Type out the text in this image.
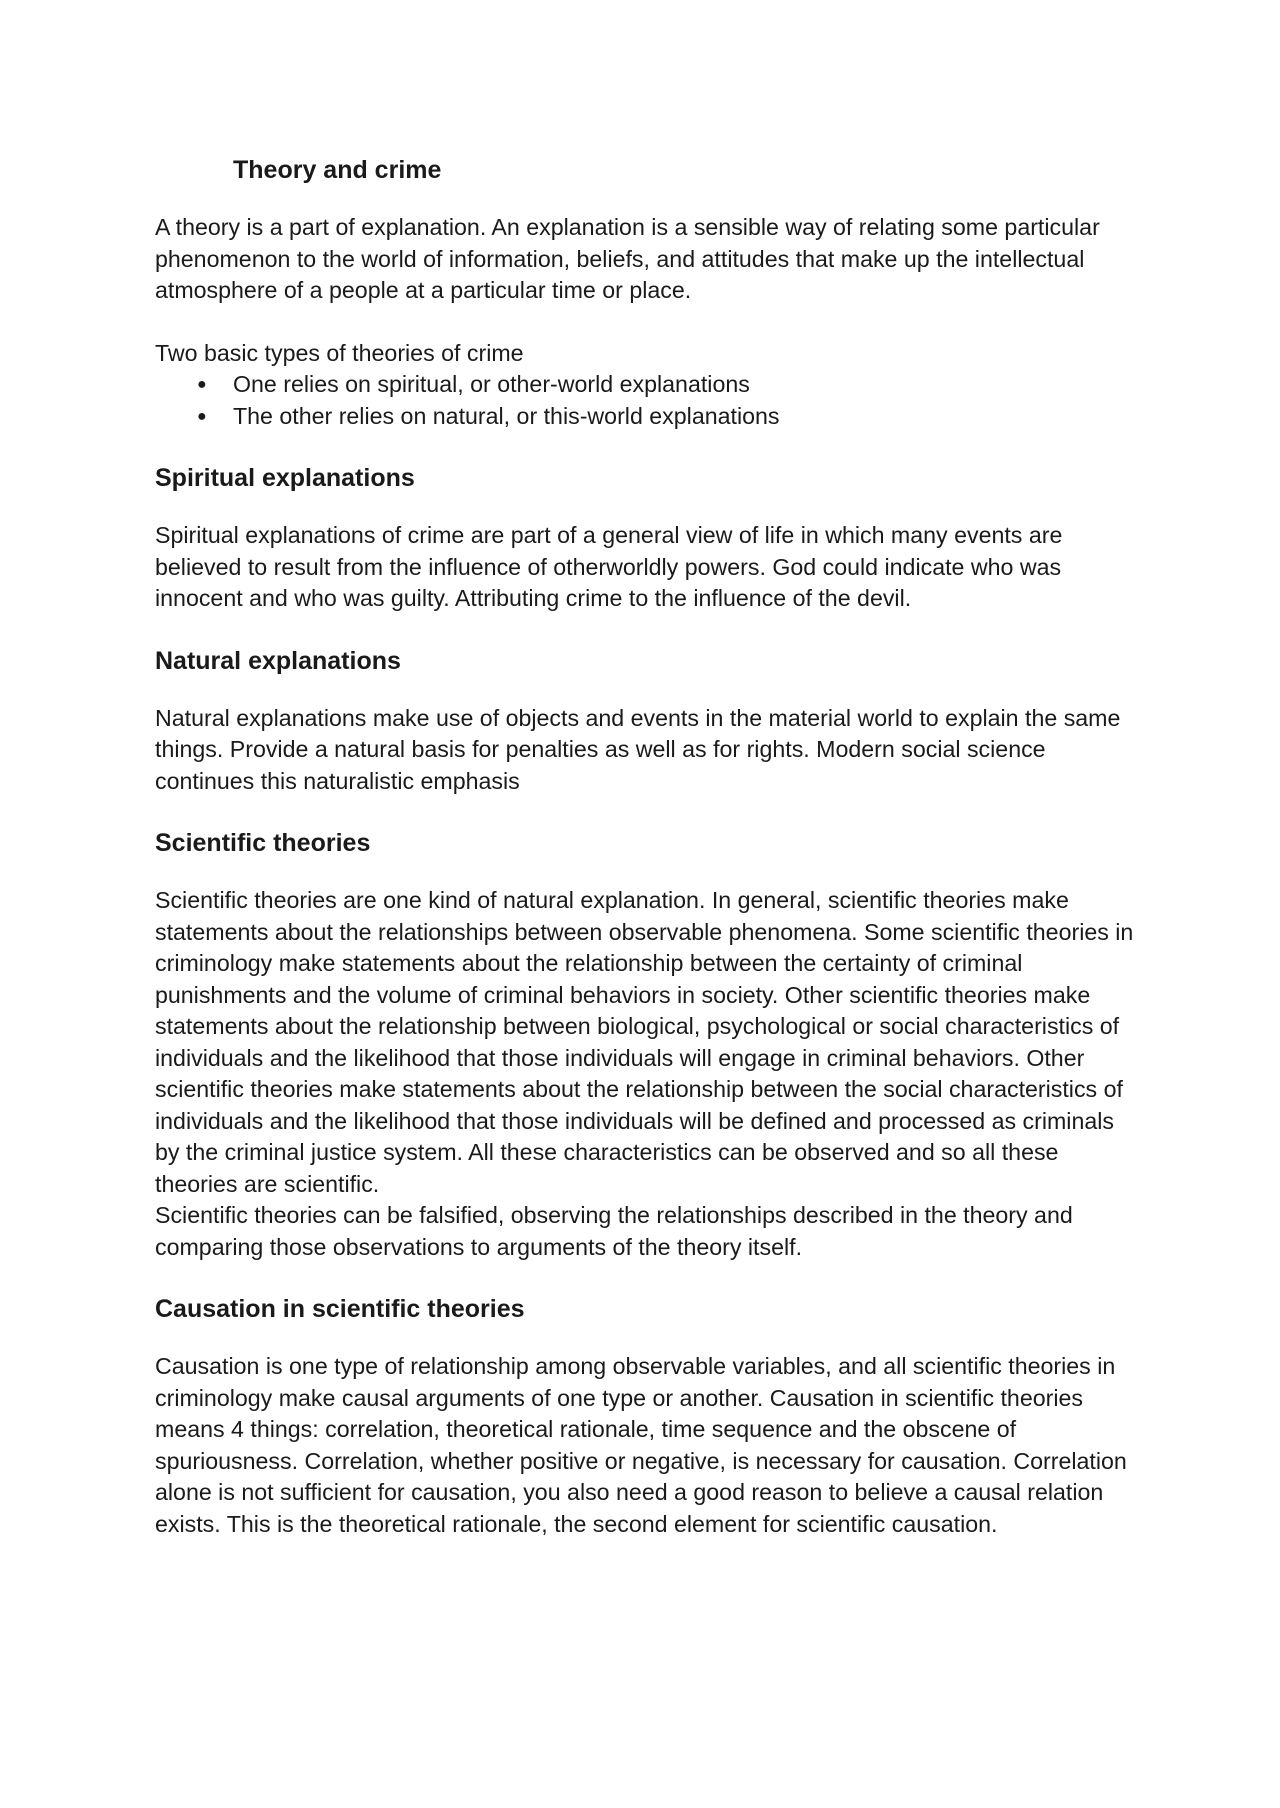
Theory and crime

A theory is a part of explanation. An explanation is a sensible way of relating some particular phenomenon to the world of information, beliefs, and attitudes that make up the intellectual atmosphere of a people at a particular time or place.

Two basic types of theories of crime

● One relies on spiritual, or other-world explanations
● The other relies on natural, or this-world explanations
Spiritual explanations

Spiritual explanations of crime are part of a general view of life in which many events are believed to result from the influence of otherworldly powers. God could indicate who was innocent and who was guilty. Attributing crime to the influence of the devil.

Natural explanations

Natural explanations make use of objects and events in the material world to explain the same things. Provide a natural basis for penalties as well as for rights. Modern social science continues this naturalistic emphasis

Scientific theories

Scientific theories are one kind of natural explanation. In general, scientific theories make statements about the relationships between observable phenomena. Some scientific theories in criminology make statements about the relationship between the certainty of criminal punishments and the volume of criminal behaviors in society. Other scientific theories make statements about the relationship between biological, psychological or social characteristics of individuals and the likelihood that those individuals will engage in criminal behaviors. Other scientific theories make statements about the relationship between the social characteristics of individuals and the likelihood that those individuals will be defined and processed as criminals by the criminal justice system. All these characteristics can be observed and so all these theories are scientific.

Scientific theories can be falsified, observing the relationships described in the theory and comparing those observations to arguments of the theory itself.

Causation in scientific theories

Causation is one type of relationship among observable variables, and all scientific theories in criminology make causal arguments of one type or another. Causation in scientific theories means 4 things: correlation, theoretical rationale, time sequence and the obscene of spuriousness. Correlation, whether positive or negative, is necessary for causation. Correlation alone is not sufficient for causation, you also need a good reason to believe a causal relation exists. This is the theoretical rationale, the second element for scientific causation.
